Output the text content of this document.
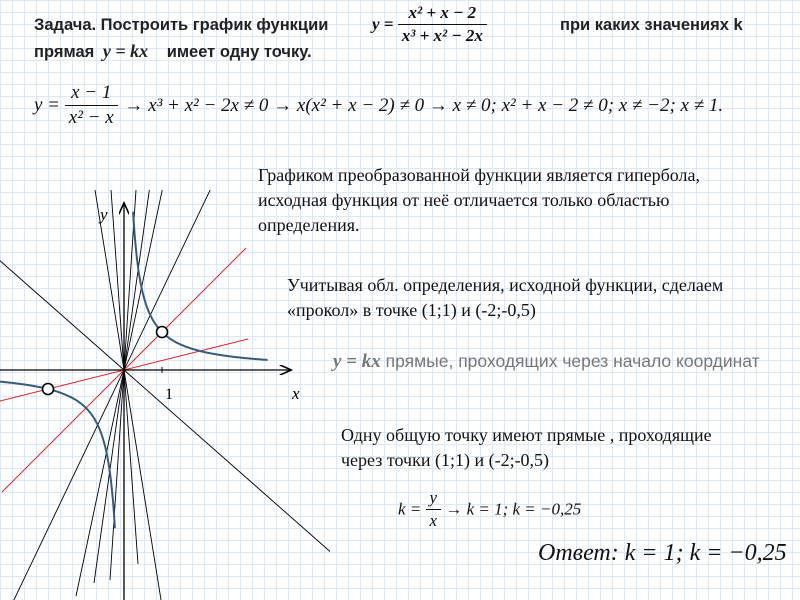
Задача. Построить график функции	$y = \frac{\text{x² + x − 2}}{\text{x³ + x² − 2x}}$	при каких значениях k
прямая y = kx имеет одну точку.
$y = \frac{x - 1}{\text{x² − x}} \to x^3 + x^2 - 2x \ne 0 \to x(x^2 + x - 2) \ne 0 \to x \ne 0$; x² + x − 2 ≠ 0; x ≠ −2; x ≠ 1.
y
x
1
Графиком преобразованной функции является гипербола, исходная функция от неё отличается только областью определения.
Учитывая обл. определения, исходной функции, сделаем «прокол» в точке (1;1) и (-2;-0,5)
y = kx прямые, проходящих через начало координат
Одну общую точку имеют прямые , проходящие через точки (1;1) и (-2;-0,5)
$k = \frac{y}{x} \to k = 1$; k = −0,25
Ответ: k = 1; k = −0,25
